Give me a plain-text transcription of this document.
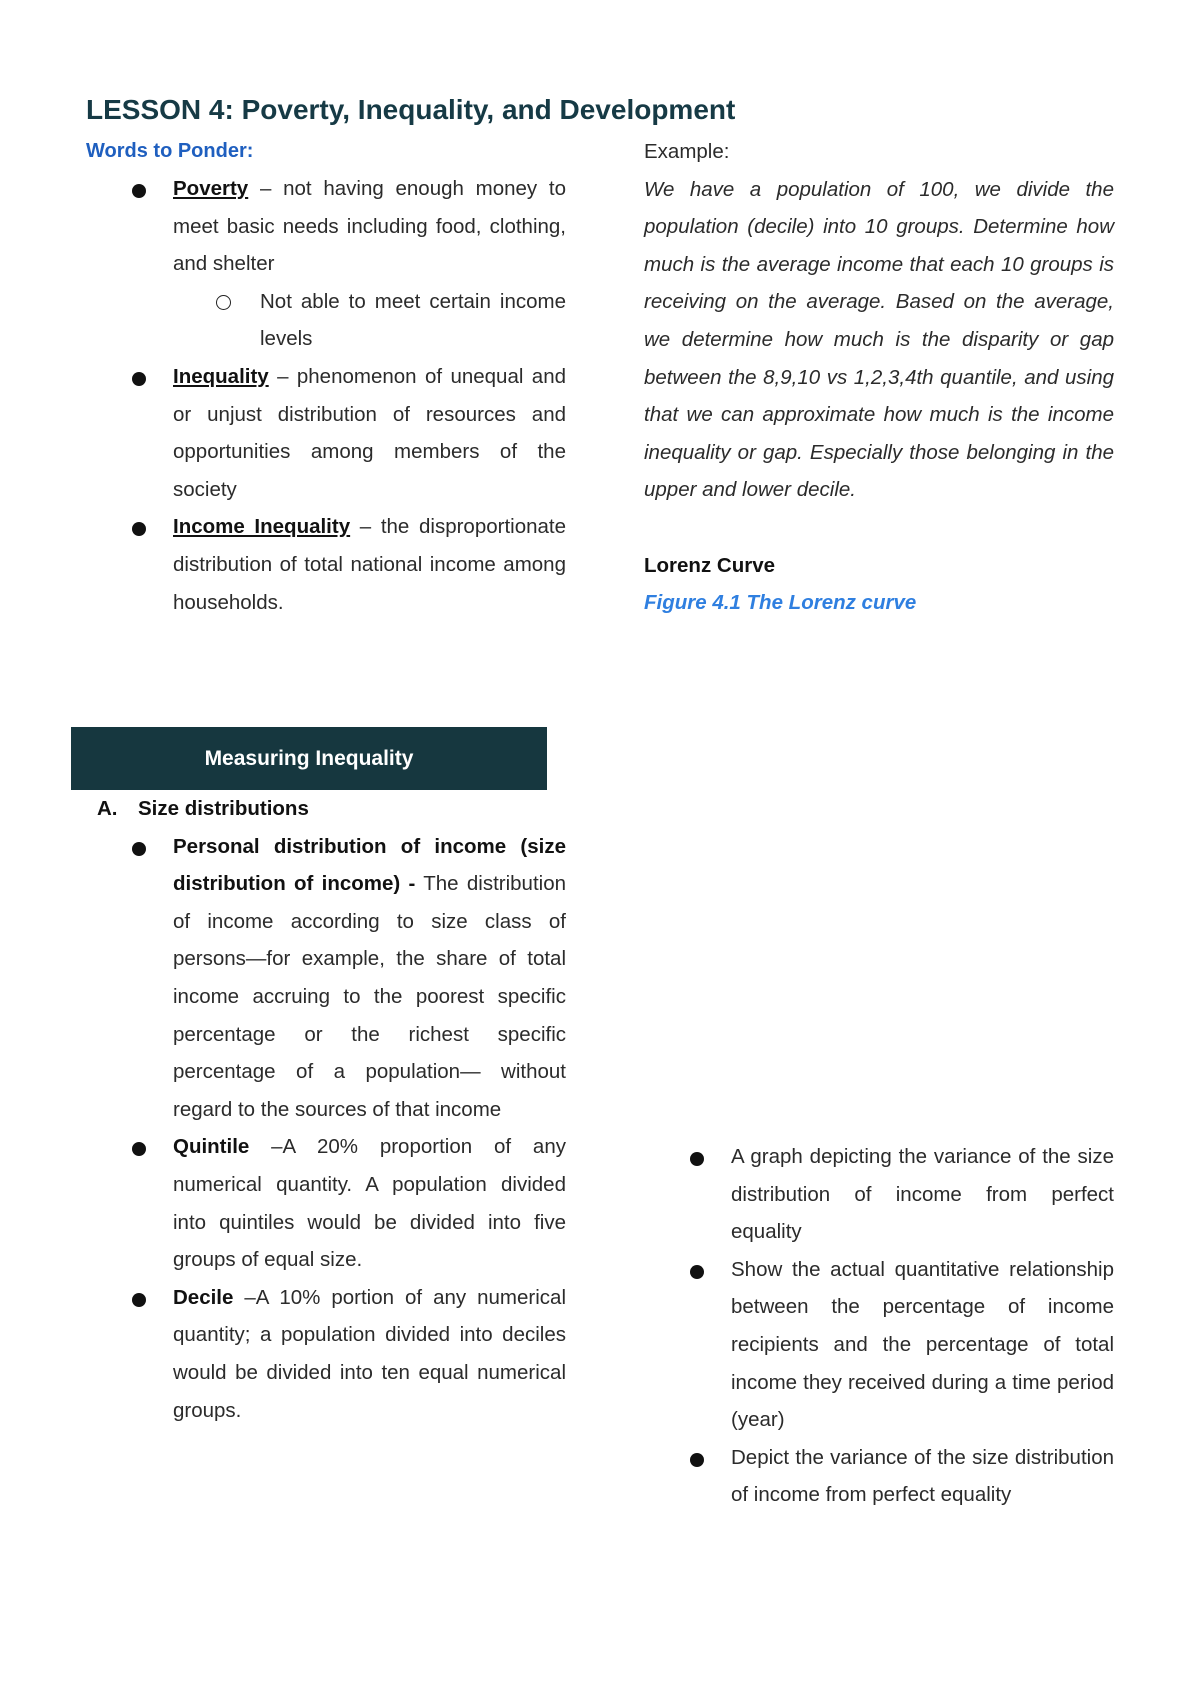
LESSON 4: Poverty, Inequality, and Development

Words to Ponder:

Poverty – not having enough money to meet basic needs including food, clothing, and shelter
Not able to meet certain income levels
Inequality – phenomenon of unequal and or unjust distribution of resources and opportunities among members of the society
Income Inequality – the disproportionate distribution of total national income among households.
Measuring Inequality

A. Size distributions

Personal distribution of income (size distribution of income) - The distribution of income according to size class of persons—for example, the share of total income accruing to the poorest specific percentage or the richest specific percentage of a population— without regard to the sources of that income
Quintile –A 20% proportion of any numerical quantity. A population divided into quintiles would be divided into five groups of equal size.
Decile –A 10% portion of any numerical quantity; a population divided into deciles would be divided into ten equal numerical groups.

Example:

We have a population of 100, we divide the population (decile) into 10 groups. Determine how much is the average income that each 10 groups is receiving on the average. Based on the average, we determine how much is the disparity or gap between the 8,9,10 vs 1,2,3,4th quantile, and using that we can approximate how much is the income inequality or gap. Especially those belonging in the upper and lower decile.

Lorenz Curve

Figure 4.1 The Lorenz curve

A graph depicting the variance of the size distribution of income from perfect equality
Show the actual quantitative relationship between the percentage of income recipients and the percentage of total income they received during a time period (year)
Depict the variance of the size distribution of income from perfect equality
